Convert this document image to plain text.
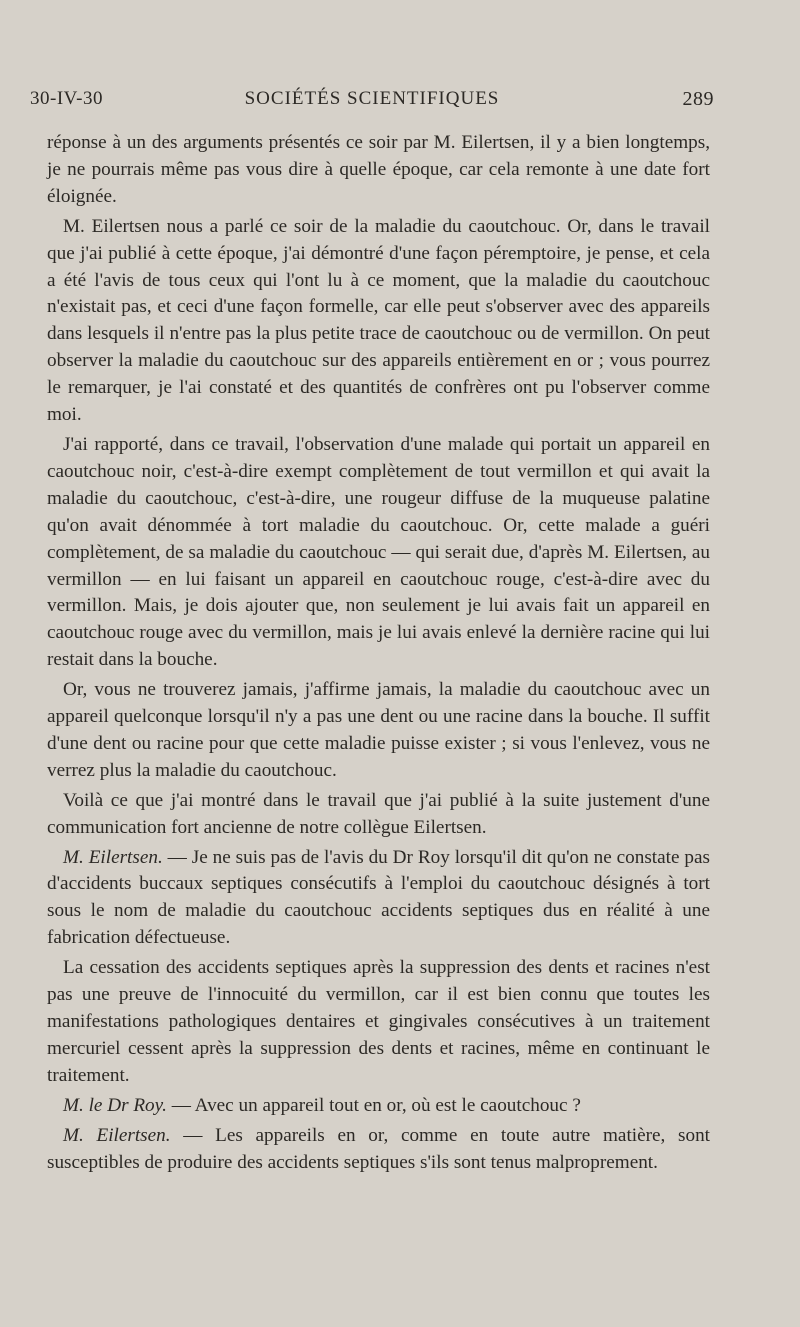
30-IV-30	SOCIÉTÉS SCIENTIFIQUES	289

réponse à un des arguments présentés ce soir par M. Eilertsen, il y a bien longtemps, je ne pourrais même pas vous dire à quelle époque, car cela remonte à une date fort éloignée.

M. Eilertsen nous a parlé ce soir de la maladie du caoutchouc. Or, dans le travail que j'ai publié à cette époque, j'ai démontré d'une façon péremptoire, je pense, et cela a été l'avis de tous ceux qui l'ont lu à ce moment, que la maladie du caoutchouc n'existait pas, et ceci d'une façon formelle, car elle peut s'observer avec des appareils dans lesquels il n'entre pas la plus petite trace de caoutchouc ou de vermillon. On peut observer la maladie du caoutchouc sur des appareils entièrement en or ; vous pourrez le remarquer, je l'ai constaté et des quantités de confrères ont pu l'observer comme moi.

J'ai rapporté, dans ce travail, l'observation d'une malade qui portait un appareil en caoutchouc noir, c'est-à-dire exempt complètement de tout vermillon et qui avait la maladie du caoutchouc, c'est-à-dire, une rougeur diffuse de la muqueuse palatine qu'on avait dénommée à tort maladie du caoutchouc. Or, cette malade a guéri complètement, de sa maladie du caoutchouc — qui serait due, d'après M. Eilertsen, au vermillon — en lui faisant un appareil en caoutchouc rouge, c'est-à-dire avec du vermillon. Mais, je dois ajouter que, non seulement je lui avais fait un appareil en caoutchouc rouge avec du vermillon, mais je lui avais enlevé la dernière racine qui lui restait dans la bouche.

Or, vous ne trouverez jamais, j'affirme jamais, la maladie du caoutchouc avec un appareil quelconque lorsqu'il n'y a pas une dent ou une racine dans la bouche. Il suffit d'une dent ou racine pour que cette maladie puisse exister ; si vous l'enlevez, vous ne verrez plus la maladie du caoutchouc.

Voilà ce que j'ai montré dans le travail que j'ai publié à la suite justement d'une communication fort ancienne de notre collègue Eilertsen.

M. Eilertsen. — Je ne suis pas de l'avis du Dr Roy lorsqu'il dit qu'on ne constate pas d'accidents buccaux septiques consécutifs à l'emploi du caoutchouc désignés à tort sous le nom de maladie du caoutchouc accidents septiques dus en réalité à une fabrication défectueuse.

La cessation des accidents septiques après la suppression des dents et racines n'est pas une preuve de l'innocuité du vermillon, car il est bien connu que toutes les manifestations pathologiques dentaires et gingivales consécutives à un traitement mercuriel cessent après la suppression des dents et racines, même en continuant le traitement.

M. le Dr Roy. — Avec un appareil tout en or, où est le caoutchouc ?

M. Eilertsen. — Les appareils en or, comme en toute autre matière, sont susceptibles de produire des accidents septiques s'ils sont tenus malproprement.
